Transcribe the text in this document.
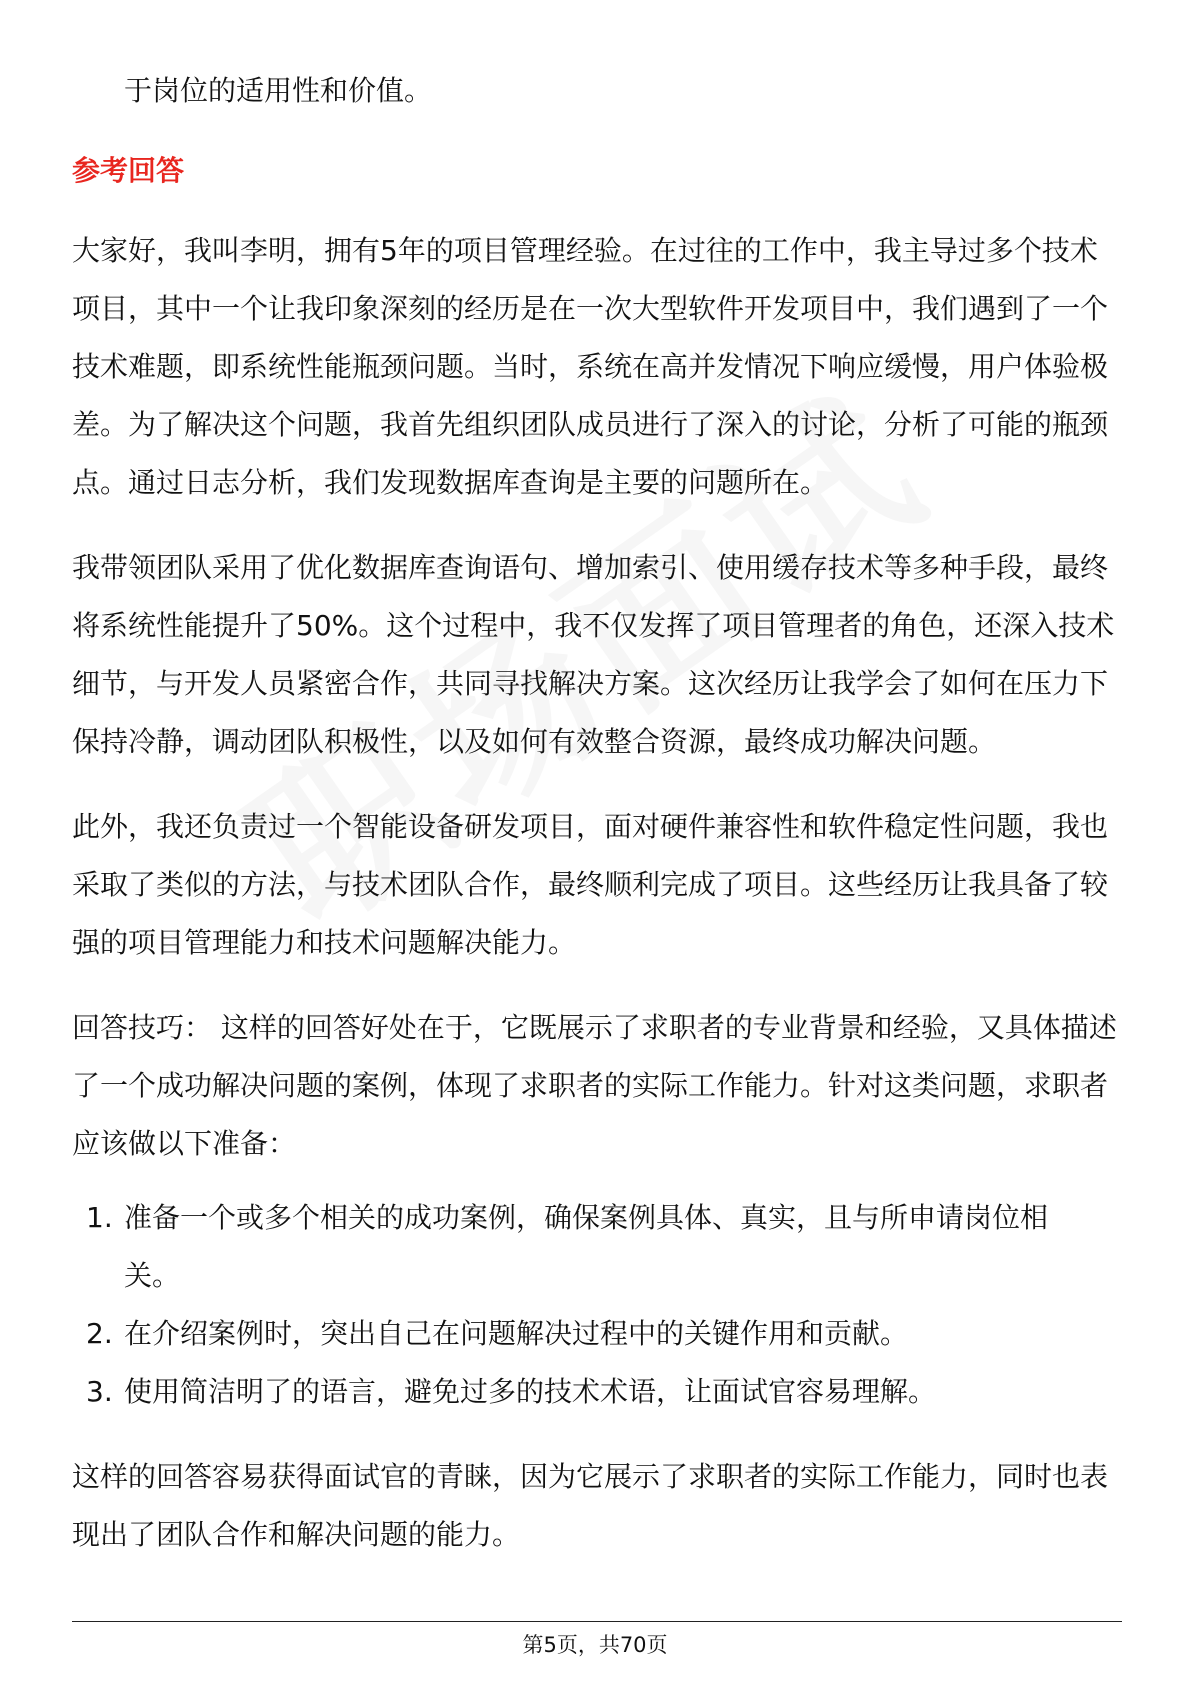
于岗位的适用性和价值。

参考回答

大家好，我叫李明，拥有5年的项目管理经验。在过往的工作中，我主导过多个技术项目，其中一个让我印象深刻的经历是在一次大型软件开发项目中，我们遇到了一个技术难题，即系统性能瓶颈问题。当时，系统在高并发情况下响应缓慢，用户体验极差。为了解决这个问题，我首先组织团队成员进行了深入的讨论，分析了可能的瓶颈点。通过日志分析，我们发现数据库查询是主要的问题所在。

我带领团队采用了优化数据库查询语句、增加索引、使用缓存技术等多种手段，最终将系统性能提升了50%。这个过程中，我不仅发挥了项目管理者的角色，还深入技术细节，与开发人员紧密合作，共同寻找解决方案。这次经历让我学会了如何在压力下保持冷静，调动团队积极性，以及如何有效整合资源，最终成功解决问题。

此外，我还负责过一个智能设备研发项目，面对硬件兼容性和软件稳定性问题，我也采取了类似的方法，与技术团队合作，最终顺利完成了项目。这些经历让我具备了较强的项目管理能力和技术问题解决能力。

回答技巧： 这样的回答好处在于，它既展示了求职者的专业背景和经验，又具体描述了一个成功解决问题的案例，体现了求职者的实际工作能力。针对这类问题，求职者应该做以下准备：

1. 准备一个或多个相关的成功案例，确保案例具体、真实，且与所申请岗位相关。
2. 在介绍案例时，突出自己在问题解决过程中的关键作用和贡献。
3. 使用简洁明了的语言，避免过多的技术术语，让面试官容易理解。

这样的回答容易获得面试官的青睐，因为它展示了求职者的实际工作能力，同时也表现出了团队合作和解决问题的能力。

第5页，共70页
